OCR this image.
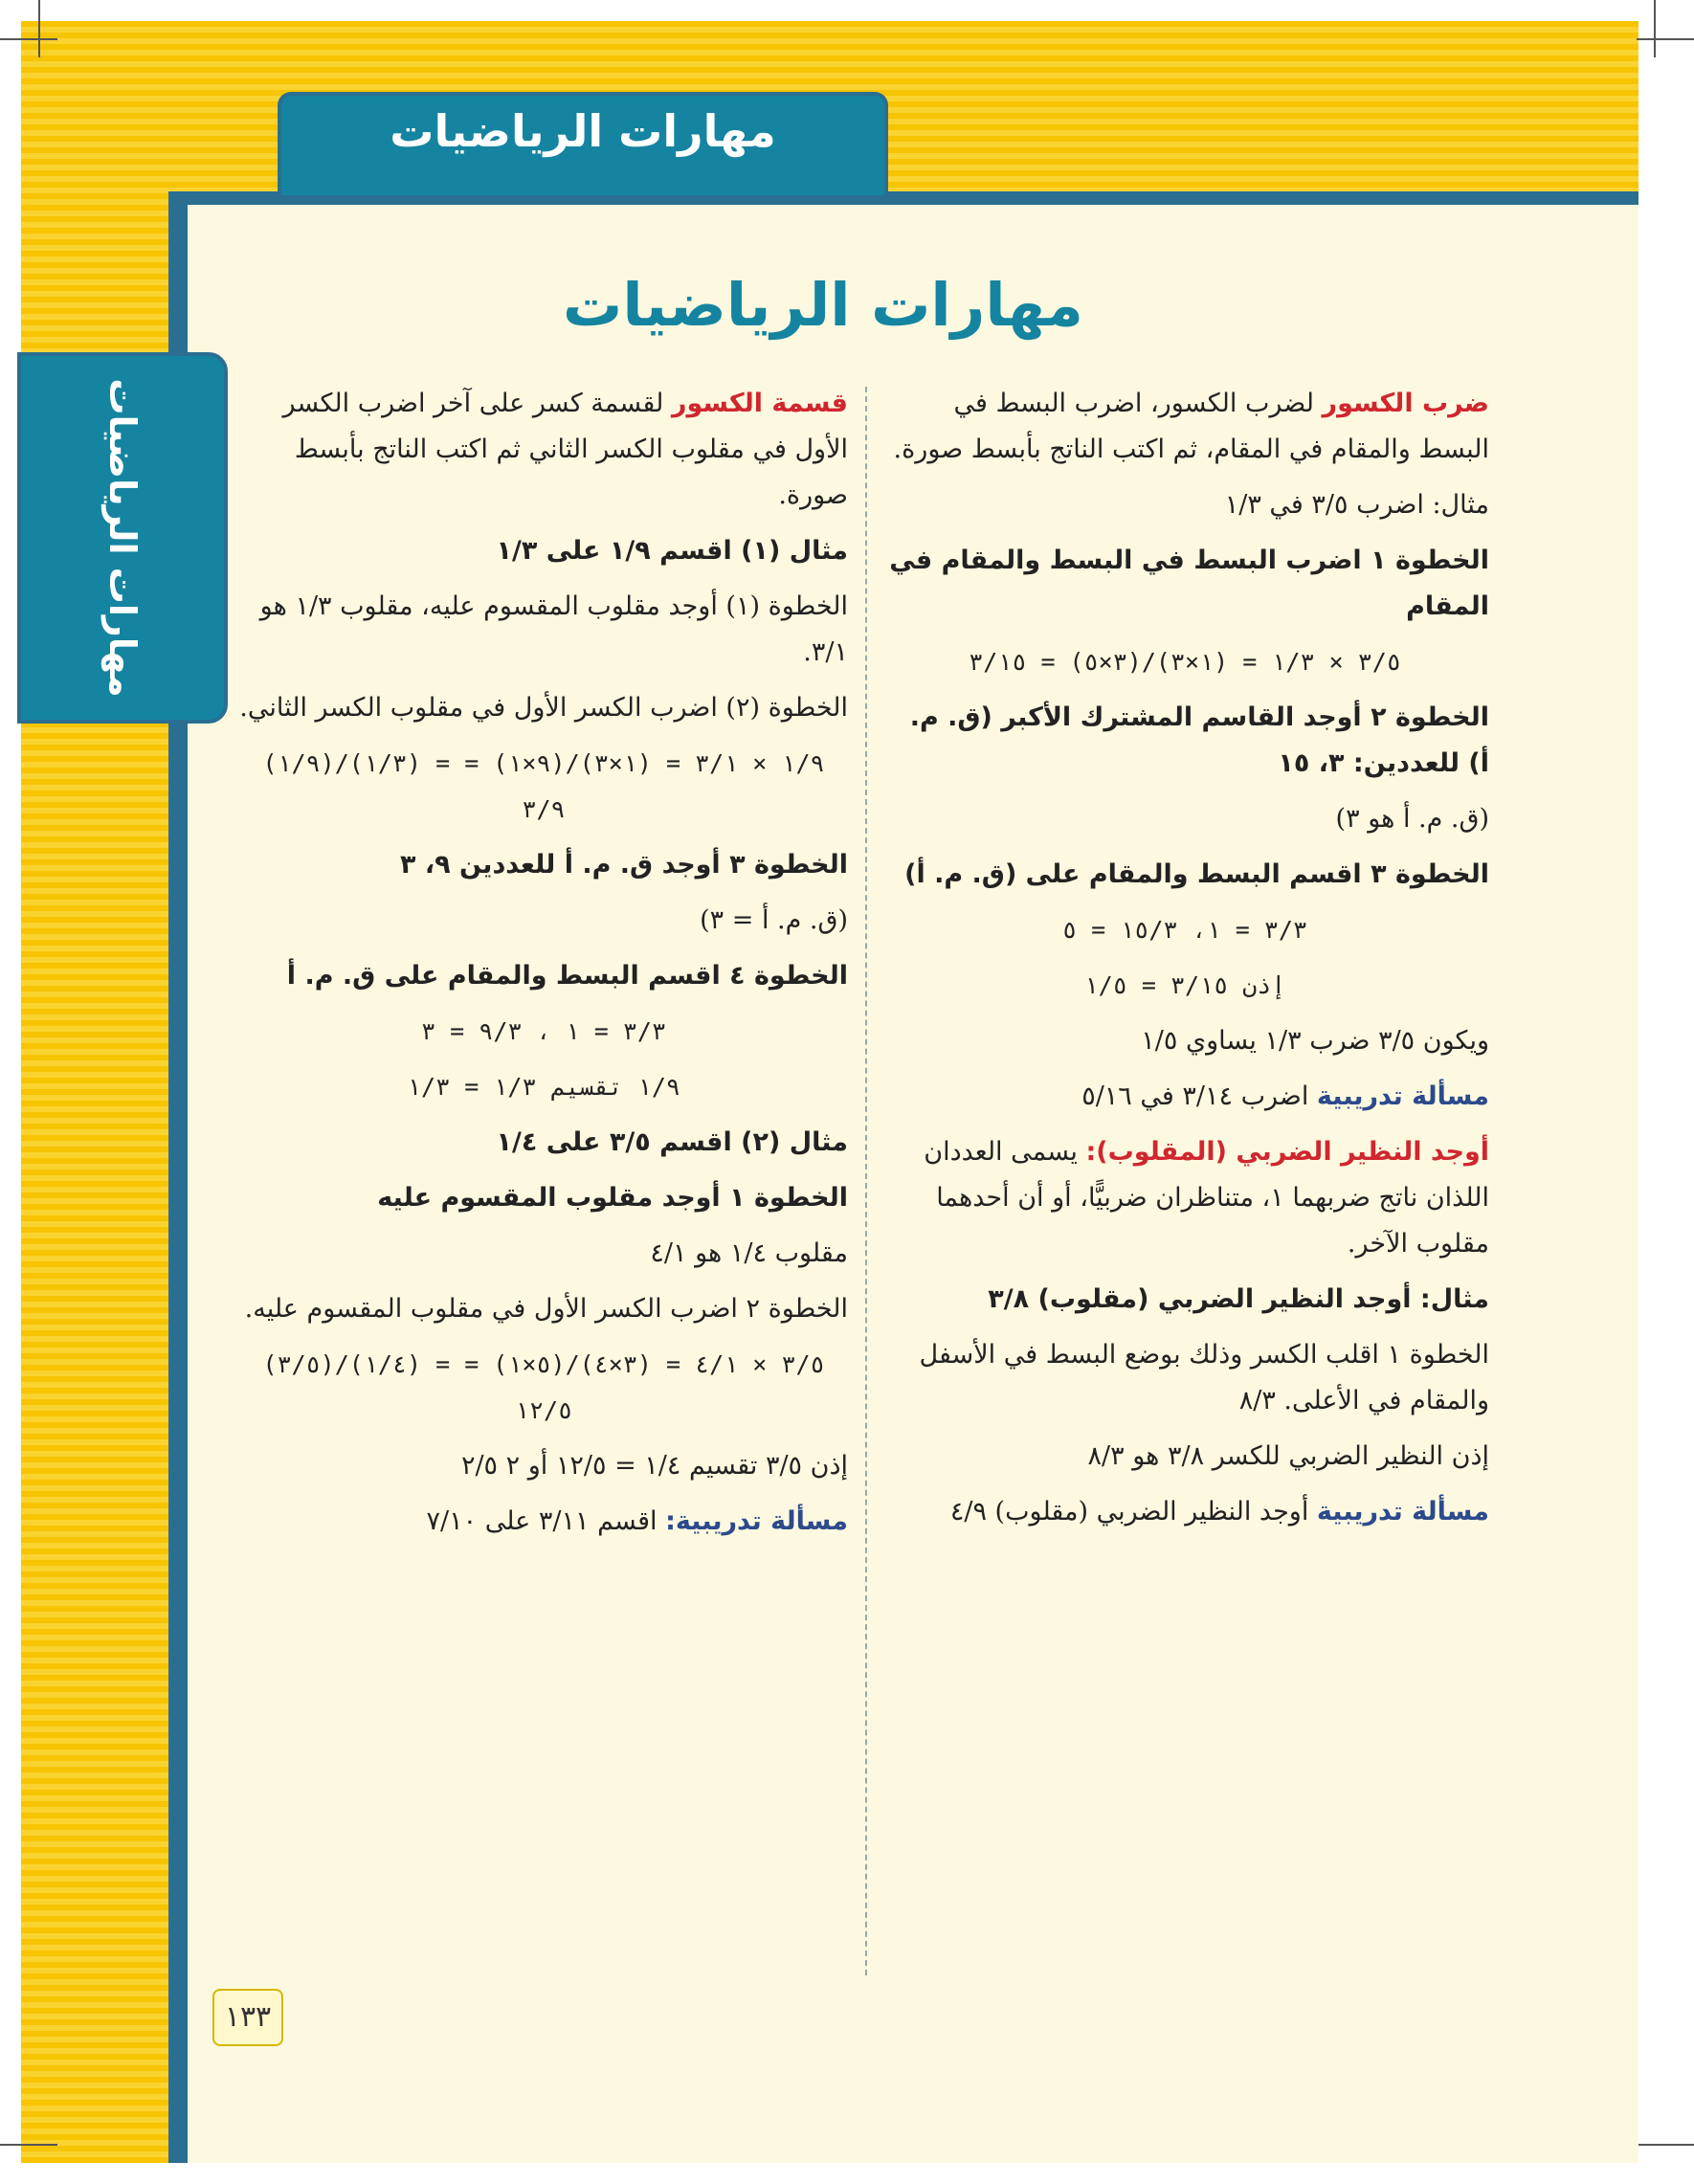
مهارات الرياضيات
مهارات الرياضيات
مهارات الرياضيات

ضرب الكسور لضرب الكسور، اضرب البسط في البسط والمقام في المقام، ثم اكتب الناتج بأبسط صورة.

مثال: اضرب ٣/٥ في ١/٣

الخطوة ١ اضرب البسط في البسط والمقام في المقام

٣/٥ × ١/٣ = (١×٣)/(٣×٥) = ٣/١٥

الخطوة ٢ أوجد القاسم المشترك الأكبر (ق. م. أ) للعددين: ٣، ١٥

(ق. م. أ هو ٣)

الخطوة ٣ اقسم البسط والمقام على (ق. م. أ)

٣/٣ = ١، ١٥/٣ = ٥

إذن ٣/١٥ = ١/٥

ويكون ٣/٥ ضرب ١/٣ يساوي ١/٥

مسألة تدريبية اضرب ٣/١٤ في ٥/١٦

أوجد النظير الضربي (المقلوب): يسمى العددان اللذان ناتج ضربهما ١، متناظران ضربيًّا، أو أن أحدهما مقلوب الآخر.

مثال: أوجد النظير الضربي (مقلوب) ٣/٨

الخطوة ١ اقلب الكسر وذلك بوضع البسط في الأسفل والمقام في الأعلى. ٨/٣

إذن النظير الضربي للكسر ٣/٨ هو ٨/٣

مسألة تدريبية أوجد النظير الضربي (مقلوب) ٤/٩

قسمة الكسور لقسمة كسر على آخر اضرب الكسر الأول في مقلوب الكسر الثاني ثم اكتب الناتج بأبسط صورة.

مثال (١) اقسم ١/٩ على ١/٣

الخطوة (١) أوجد مقلوب المقسوم عليه، مقلوب ١/٣ هو ٣/١.

الخطوة (٢) اضرب الكسر الأول في مقلوب الكسر الثاني.

(١/٩)/(١/٣) = ١/٩ × ٣/١ = (١×٣)/(٩×١) = ٣/٩

الخطوة ٣ أوجد ق. م. أ للعددين ٩، ٣

(ق. م. أ = ٣)

الخطوة ٤ اقسم البسط والمقام على ق. م. أ

٣/٣ = ١ ، ٩/٣ = ٣

١/٩ تقسيم ١/٣ = ١/٣

مثال (٢) اقسم ٣/٥ على ١/٤

الخطوة ١ أوجد مقلوب المقسوم عليه

مقلوب ١/٤ هو ٤/١

الخطوة ٢ اضرب الكسر الأول في مقلوب المقسوم عليه.

(٣/٥)/(١/٤) = ٣/٥ × ٤/١ = (٣×٤)/(٥×١) = ١٢/٥

إذن ٣/٥ تقسيم ١/٤ = ١٢/٥ أو ٢ ٢/٥

مسألة تدريبية: اقسم ٣/١١ على ٧/١٠

١٣٣
